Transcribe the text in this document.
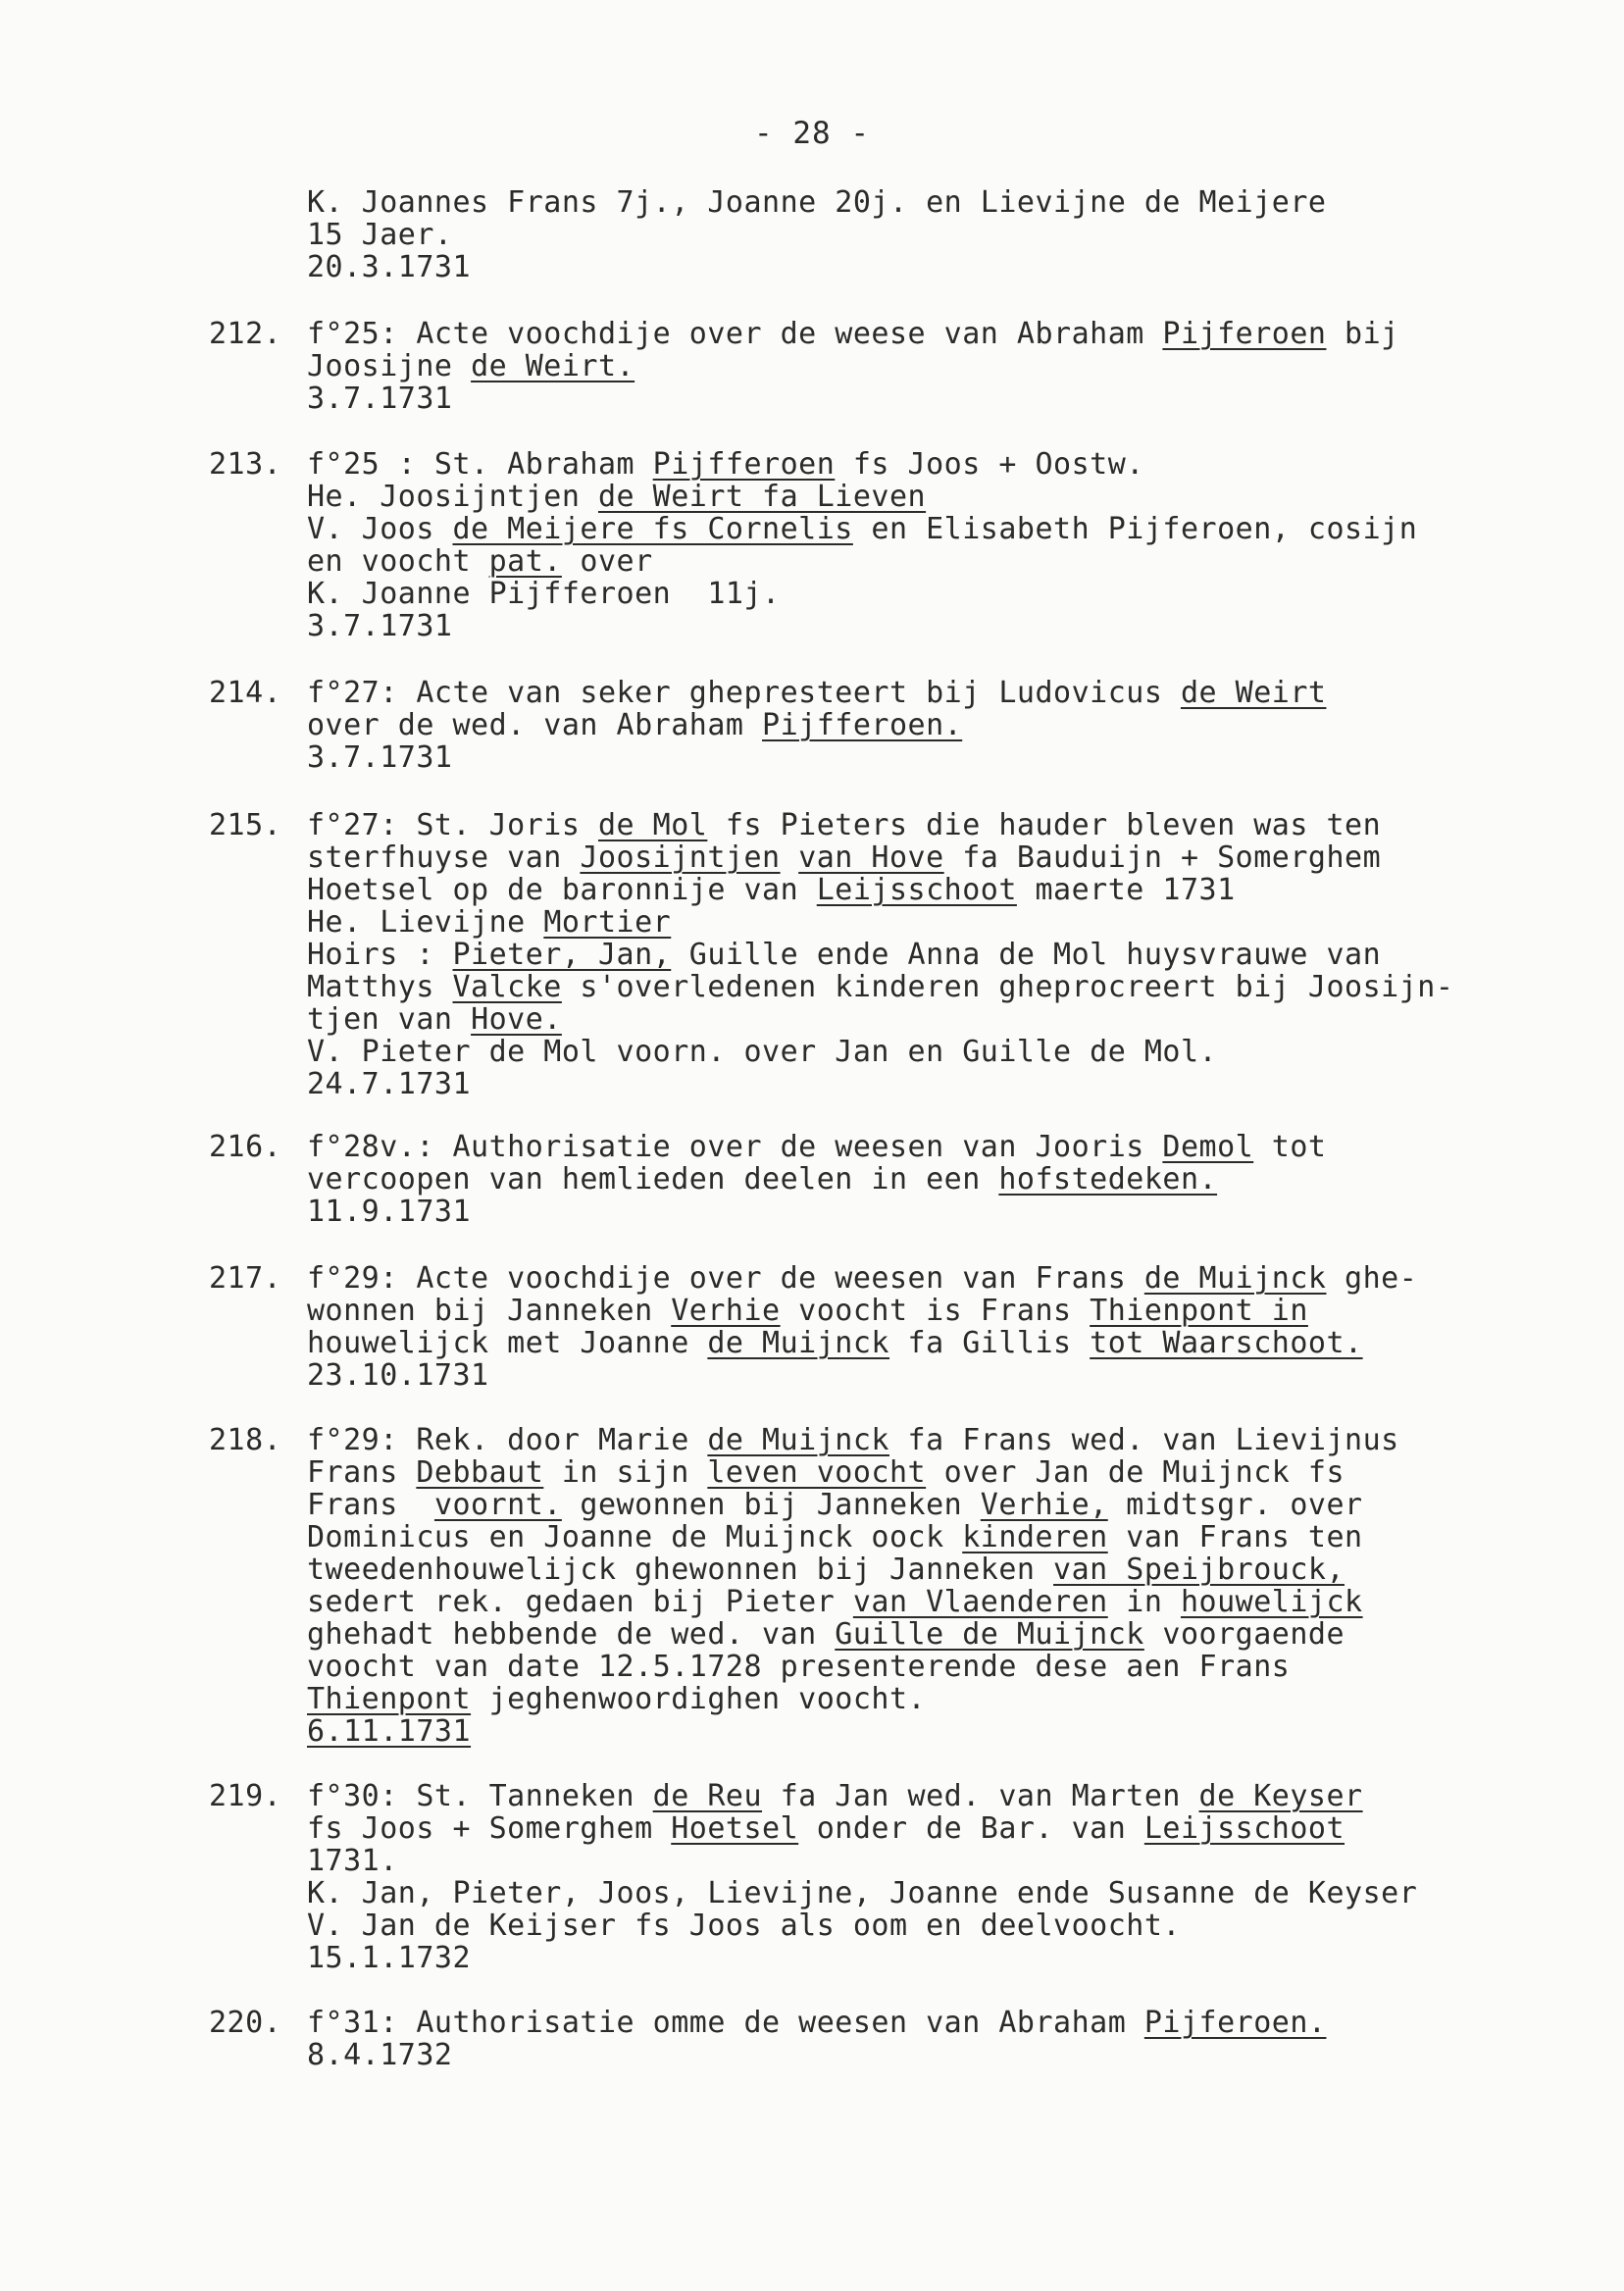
- 28 -
K. Joannes Frans 7j., Joanne 20j. en Lievijne de Meijere
15 Jaer.
20.3.1731
212. f°25: Acte voochdije over de weese van Abraham Pijferoen bij
Joosijne de Weirt.
3.7.1731
213. f°25 : St. Abraham Pijfferoen fs Joos + Oostw.
He. Joosijntjen de Weirt fa Lieven
V. Joos de Meijere fs Cornelis en Elisabeth Pijferoen, cosijn
en voocht pat. over
K. Joanne Pijfferoen  11j.
3.7.1731
214. f°27: Acte van seker ghepresteert bij Ludovicus de Weirt
over de wed. van Abraham Pijfferoen.
3.7.1731
215. f°27: St. Joris de Mol fs Pieters die hauder bleven was ten
sterfhuyse van Joosijntjen van Hove fa Bauduijn + Somerghem
Hoetsel op de baronnije van Leijsschoot maerte 1731
He. Lievijne Mortier
Hoirs : Pieter, Jan, Guille ende Anna de Mol huysvrauwe van
Matthys Valcke s'overledenen kinderen gheprocreert bij Joosijn-
tjen van Hove.
V. Pieter de Mol voorn. over Jan en Guille de Mol.
24.7.1731
216. f°28v.: Authorisatie over de weesen van Jooris Demol tot
vercoopen van hemlieden deelen in een hofstedeken.
11.9.1731
217. f°29: Acte voochdije over de weesen van Frans de Muijnck ghe-
wonnen bij Janneken Verhie voocht is Frans Thienpont in
houwelijck met Joanne de Muijnck fa Gillis tot Waarschoot.
23.10.1731
218. f°29: Rek. door Marie de Muijnck fa Frans wed. van Lievijnus
Frans Debbaut in sijn leven voocht over Jan de Muijnck fs
Frans  voornt. gewonnen bij Janneken Verhie, midtsgr. over
Dominicus en Joanne de Muijnck oock kinderen van Frans ten
tweedenhouwelijck ghewonnen bij Janneken van Speijbrouck,
sedert rek. gedaen bij Pieter van Vlaenderen in houwelijck
ghehadt hebbende de wed. van Guille de Muijnck voorgaende
voocht van date 12.5.1728 presenterende dese aen Frans
Thienpont jeghenwoordighen voocht.
6.11.1731
219. f°30: St. Tanneken de Reu fa Jan wed. van Marten de Keyser
fs Joos + Somerghem Hoetsel onder de Bar. van Leijsschoot
1731.
K. Jan, Pieter, Joos, Lievijne, Joanne ende Susanne de Keyser
V. Jan de Keijser fs Joos als oom en deelvoocht.
15.1.1732
220. f°31: Authorisatie omme de weesen van Abraham Pijferoen.
8.4.1732
